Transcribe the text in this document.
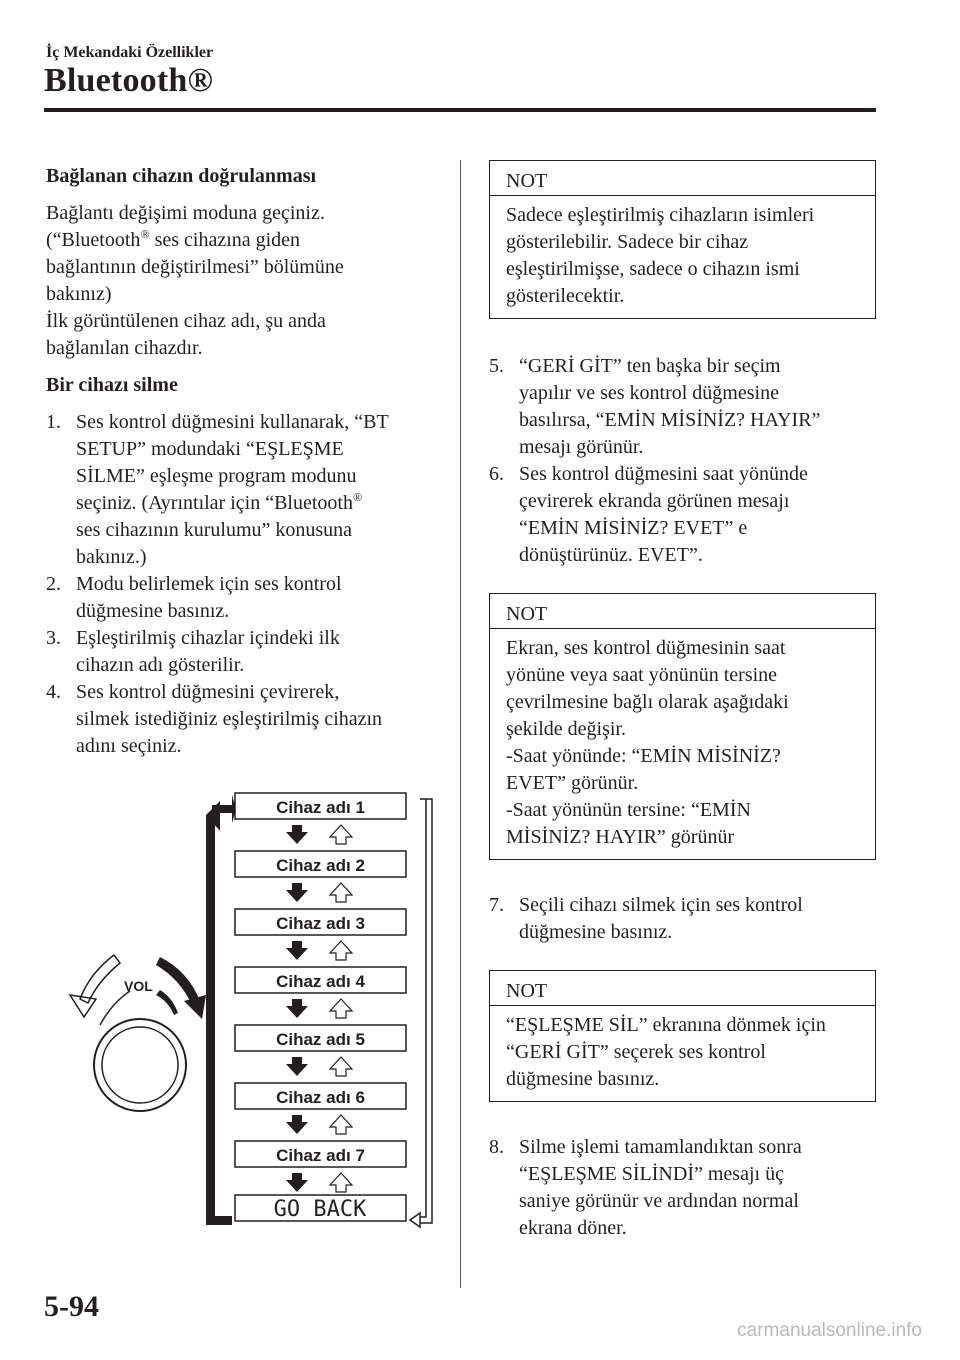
İç Mekandaki Özellikler
Bluetooth®
Bağlanan cihazın doğrulanması
Bağlantı değişimi moduna geçiniz.
(“Bluetooth® ses cihazına giden
bağlantının değiştirilmesi” bölümüne
bakınız)
İlk görüntülenen cihaz adı, şu anda
bağlanılan cihazdır.
Bir cihazı silme
1. Ses kontrol düğmesini kullanarak, “BT
SETUP” modundaki “EŞLEŞME
SİLME” eşleşme program modunu
seçiniz. (Ayrıntılar için “Bluetooth®
ses cihazının kurulumu” konusuna
bakınız.)
2. Modu belirlemek için ses kontrol
düğmesine basınız.
3. Eşleştirilmiş cihazlar içindeki ilk
cihazın adı gösterilir.
4. Ses kontrol düğmesini çevirerek,
silmek istediğiniz eşleştirilmiş cihazın
adını seçiniz.
VOL
Cihaz adı 1
Cihaz adı 2
Cihaz adı 3
Cihaz adı 4
Cihaz adı 5
Cihaz adı 6
Cihaz adı 7
GO BACK
NOT

Sadece eşleştirilmiş cihazların isimleri

gösterilebilir. Sadece bir cihaz

eşleştirilmişse, sadece o cihazın ismi

gösterilecektir.

5. “GERİ GİT” ten başka bir seçim
yapılır ve ses kontrol düğmesine
basılırsa, “EMİN MİSİNİZ? HAYIR”
mesajı görünür.
6. Ses kontrol düğmesini saat yönünde
çevirerek ekranda görünen mesajı
“EMİN MİSİNİZ? EVET” e
dönüştürünüz. EVET”.
NOT

Ekran, ses kontrol düğmesinin saat

yönüne veya saat yönünün tersine

çevrilmesine bağlı olarak aşağıdaki

şekilde değişir.

-Saat yönünde: “EMİN MİSİNİZ?

EVET” görünür.

-Saat yönünün tersine: “EMİN

MİSİNİZ? HAYIR” görünür

7. Seçili cihazı silmek için ses kontrol
düğmesine basınız.
NOT

“EŞLEŞME SİL” ekranına dönmek için

“GERİ GİT” seçerek ses kontrol

düğmesine basınız.

8. Silme işlemi tamamlandıktan sonra
“EŞLEŞME SİLİNDİ” mesajı üç
saniye görünür ve ardından normal
ekrana döner.
5-94
carmanualsonline.info
